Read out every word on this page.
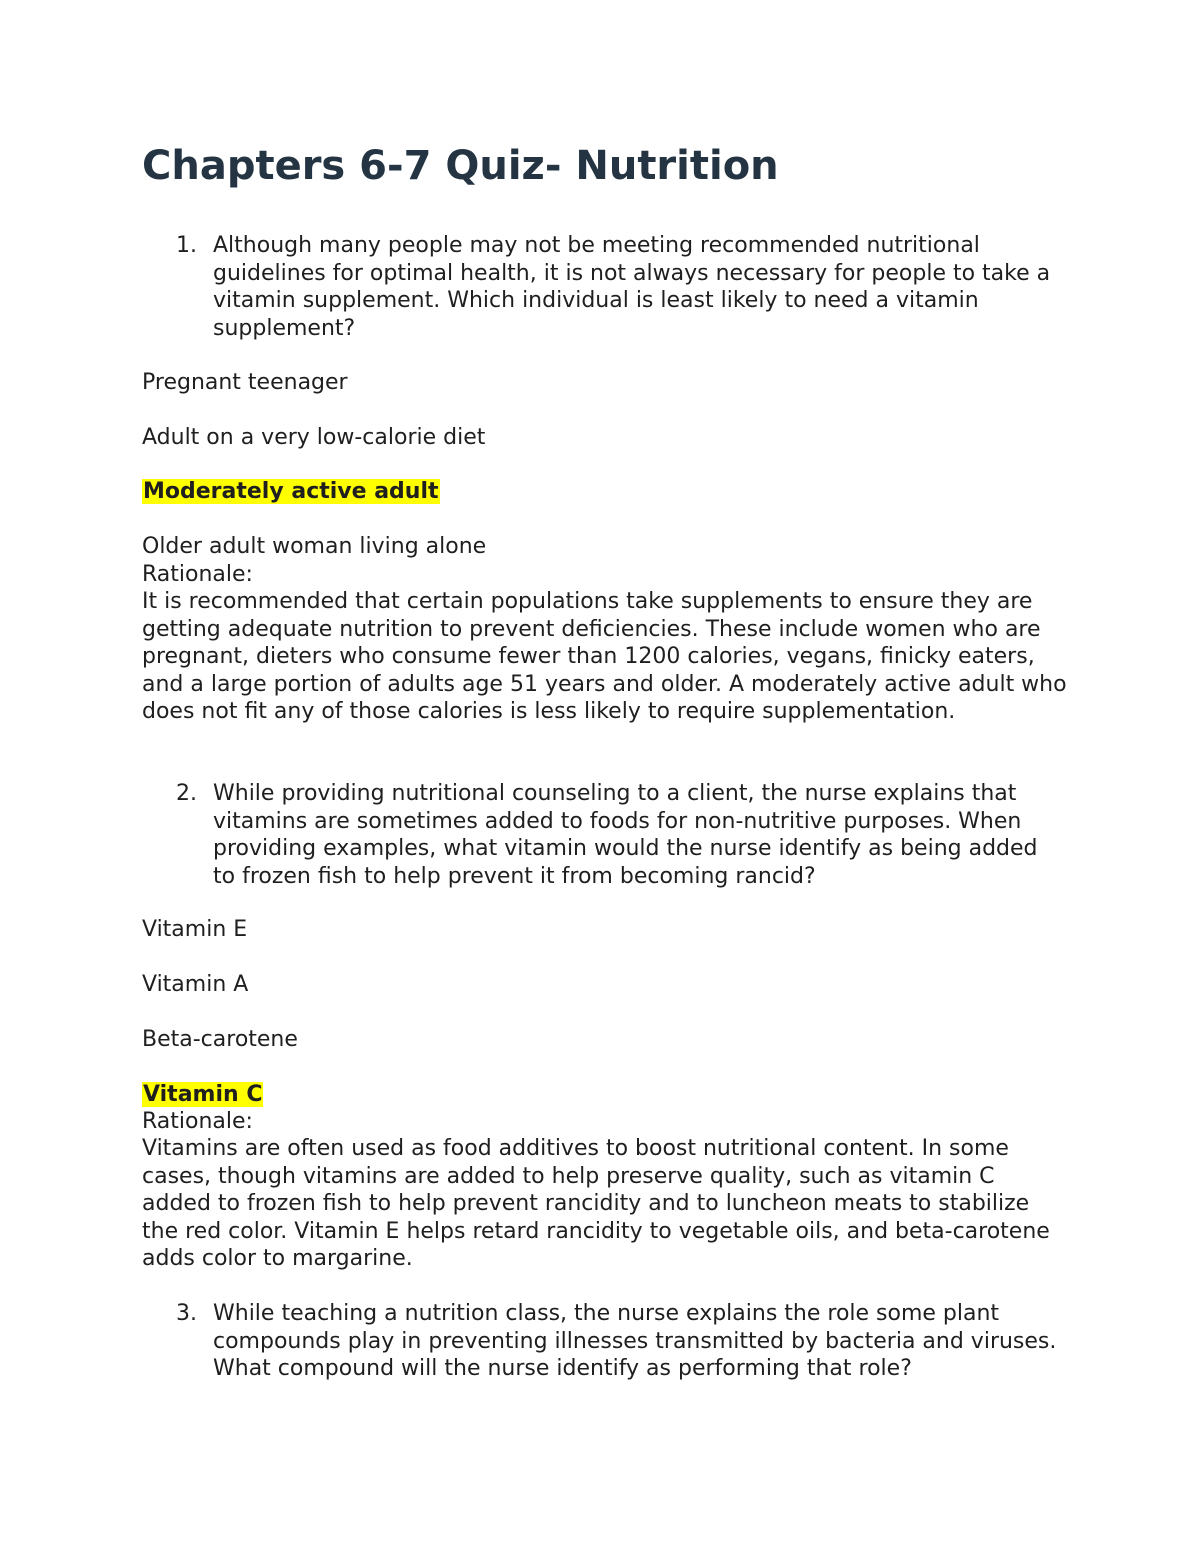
Chapters 6-7 Quiz- Nutrition
1. Although many people may not be meeting recommended nutritional guidelines for optimal health, it is not always necessary for people to take a vitamin supplement. Which individual is least likely to need a vitamin supplement?
Pregnant teenager
Adult on a very low-calorie diet
Moderately active adult
Older adult woman living alone
Rationale:
It is recommended that certain populations take supplements to ensure they are getting adequate nutrition to prevent deficiencies. These include women who are pregnant, dieters who consume fewer than 1200 calories, vegans, finicky eaters, and a large portion of adults age 51 years and older. A moderately active adult who does not fit any of those calories is less likely to require supplementation.
2. While providing nutritional counseling to a client, the nurse explains that vitamins are sometimes added to foods for non-nutritive purposes. When providing examples, what vitamin would the nurse identify as being added to frozen fish to help prevent it from becoming rancid?
Vitamin E
Vitamin A
Beta-carotene
Vitamin C
Rationale:
Vitamins are often used as food additives to boost nutritional content. In some cases, though vitamins are added to help preserve quality, such as vitamin C added to frozen fish to help prevent rancidity and to luncheon meats to stabilize the red color. Vitamin E helps retard rancidity to vegetable oils, and beta-carotene adds color to margarine.
3. While teaching a nutrition class, the nurse explains the role some plant compounds play in preventing illnesses transmitted by bacteria and viruses. What compound will the nurse identify as performing that role?
